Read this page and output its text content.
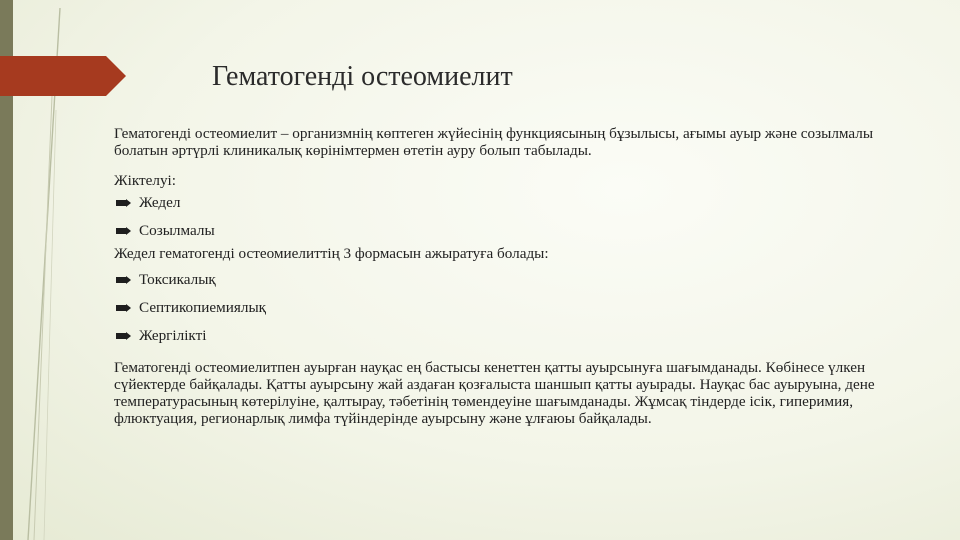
Гематогенді остеомиелит

Гематогенді остеомиелит – организмнің көптеген жүйесінің функциясының бұзылысы, ағымы ауыр және созылмалы болатын әртүрлі клиникалық көрінімтермен өтетін ауру болып табылады.

Жіктелуі:

Жедел
Созылмалы

Жедел гематогенді остеомиелиттің 3 формасын ажыратуға болады:

Токсикалық
Септикопиемиялық
Жергілікті

Гематогенді остеомиелитпен ауырған науқас ең бастысы кенеттен қатты ауырсынуға шағымданады. Көбінесе үлкен сүйектерде байқалады. Қатты ауырсыну жай аздаған қозғалыста шаншып қатты ауырады. Науқас бас ауыруына, дене температурасының көтерілуіне, қалтырау, тәбетінің төмендеуіне шағымданады. Жұмсақ тіндерде ісік, гиперимия, флюктуация, регионарлық лимфа түйіндерінде ауырсыну және ұлғаюы байқалады.
